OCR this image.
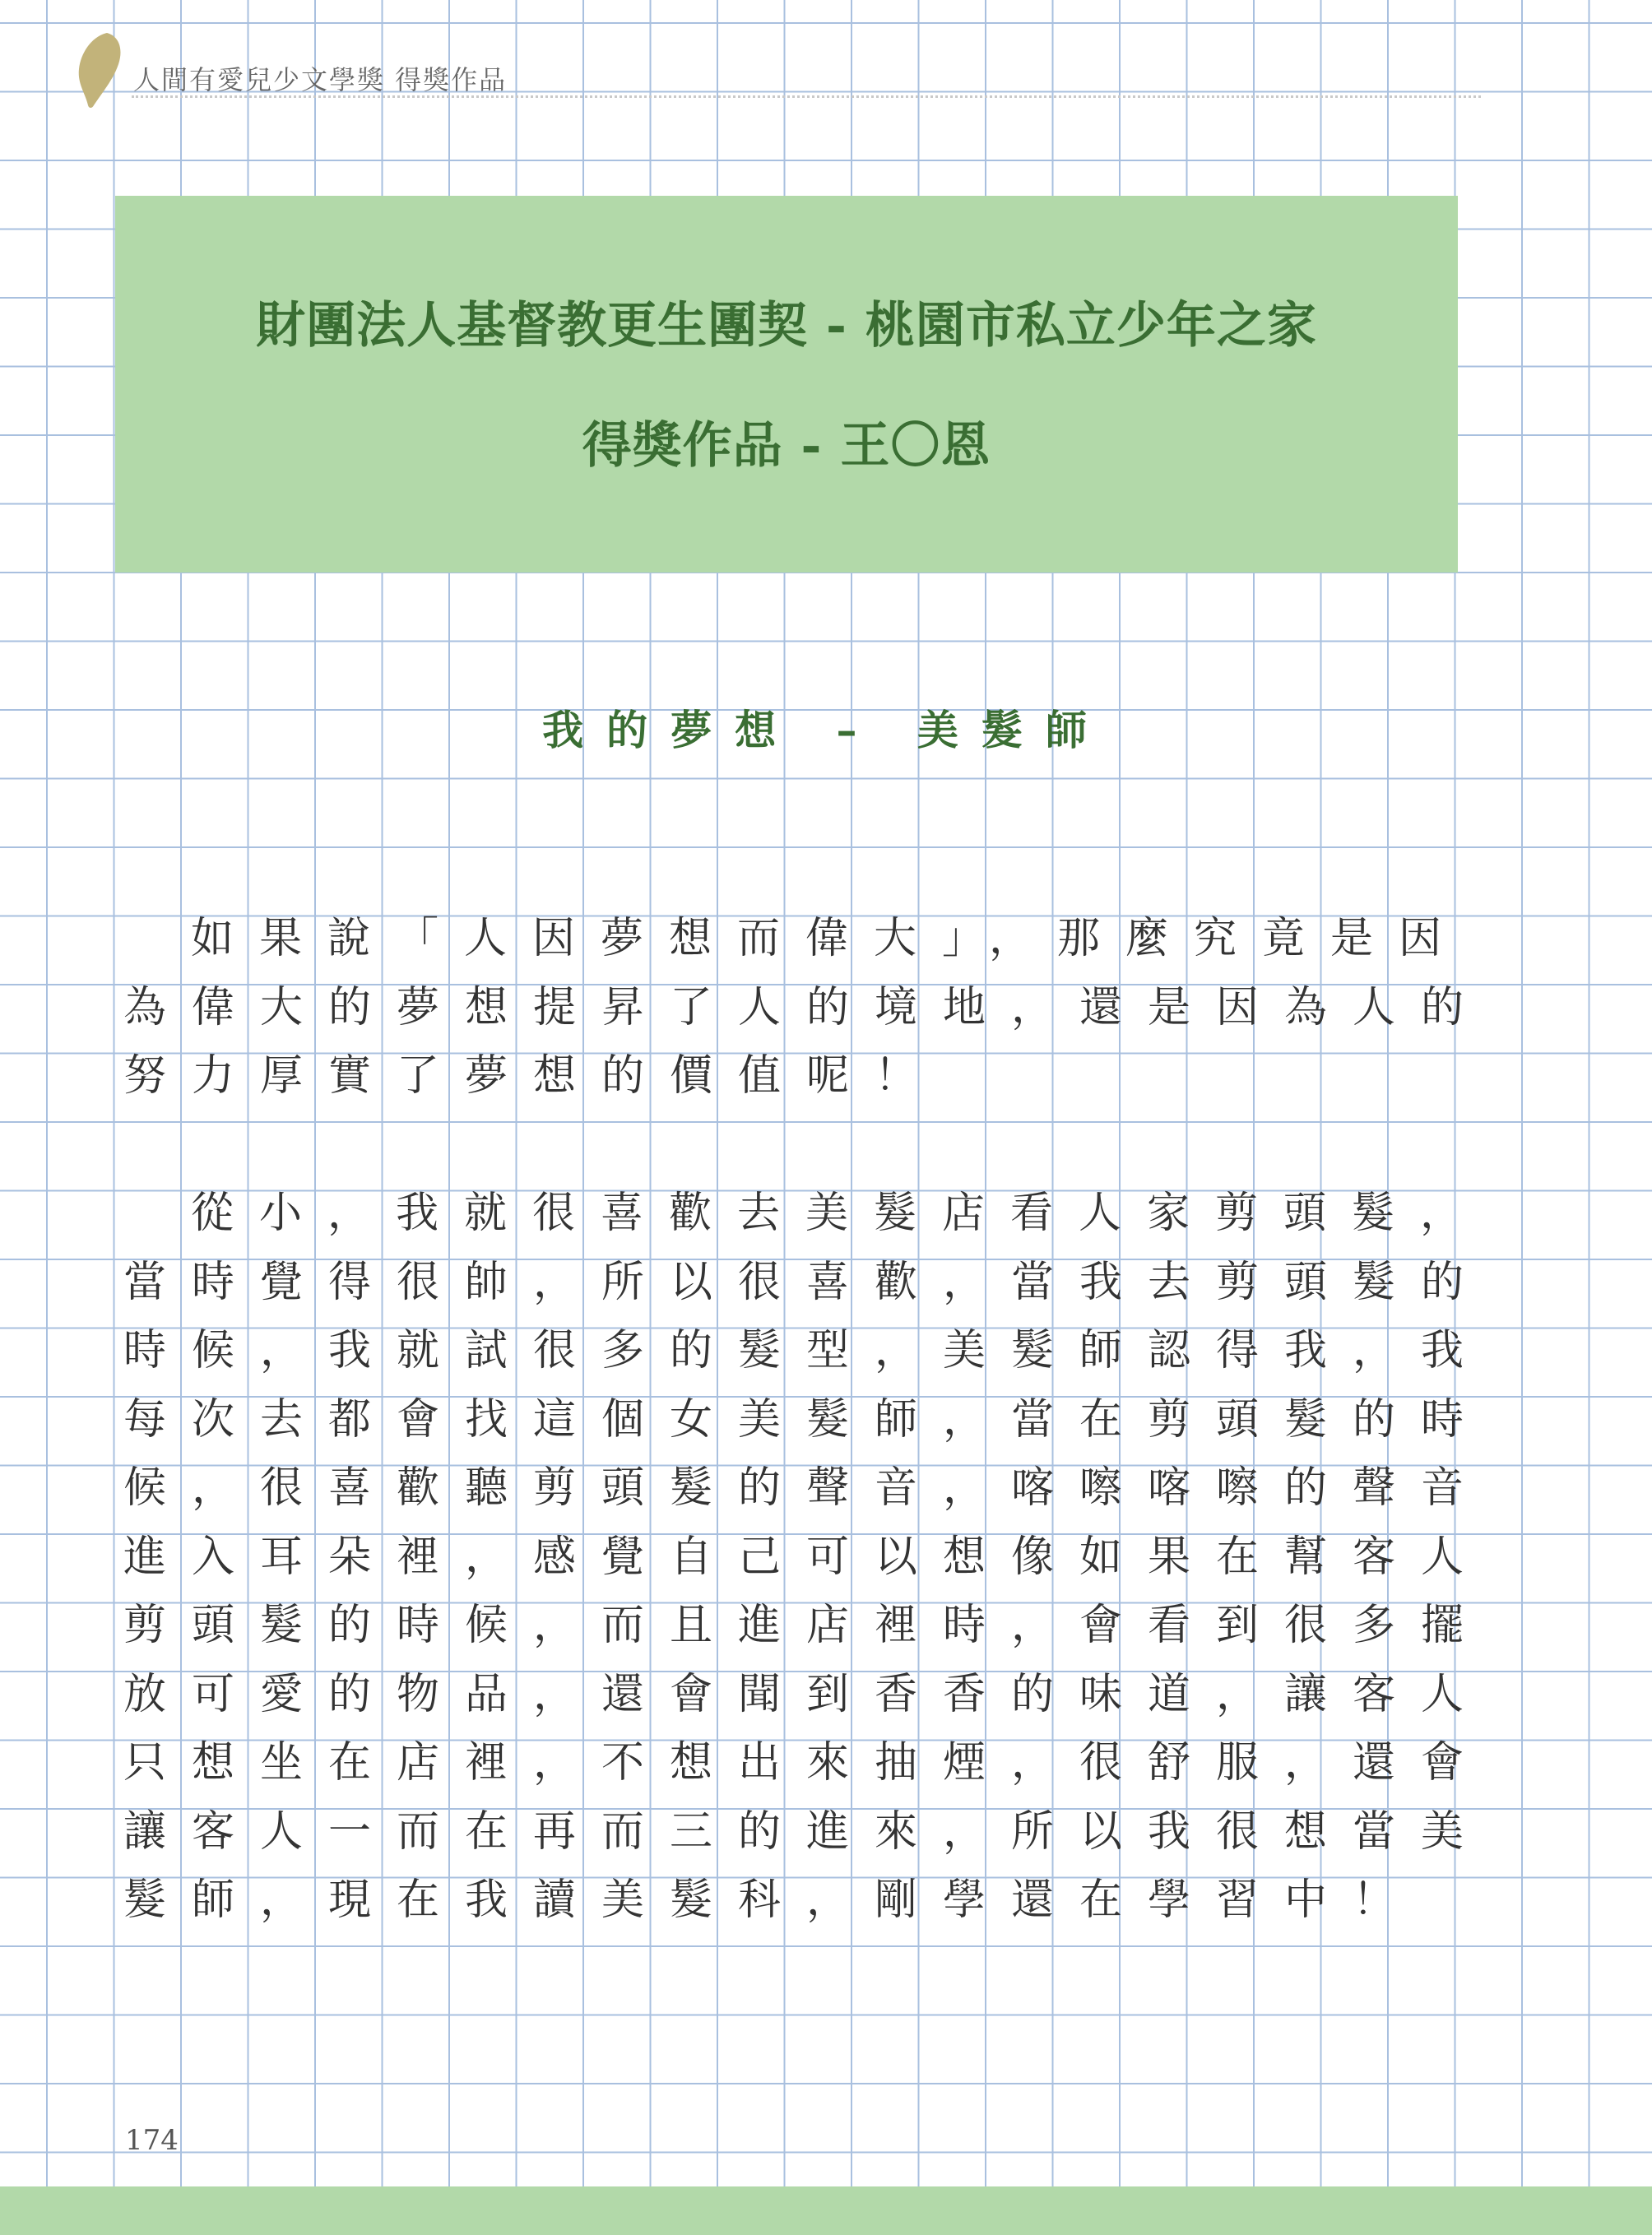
人間有愛兒少文學獎 得獎作品
財團法人基督教更生團契 - 桃園市私立少年之家
得獎作品 - 王〇恩
我的夢想 – 美髮師
如果說「人因夢想而偉大」，那麼究竟是因
為偉大的夢想提昇了人的境地，還是因為人的
努力厚實了夢想的價值呢！
從小，我就很喜歡去美髮店看人家剪頭髮，
當時覺得很帥，所以很喜歡，當我去剪頭髮的
時候，我就試很多的髮型，美髮師認得我，我
每次去都會找這個女美髮師，當在剪頭髮的時
候，很喜歡聽剪頭髮的聲音，喀嚓喀嚓的聲音
進入耳朵裡，感覺自己可以想像如果在幫客人
剪頭髮的時候，而且進店裡時，會看到很多擺
放可愛的物品，還會聞到香香的味道，讓客人
只想坐在店裡，不想出來抽煙，很舒服，還會
讓客人一而在再而三的進來，所以我很想當美
髮師，現在我讀美髮科，剛學還在學習中！
174
